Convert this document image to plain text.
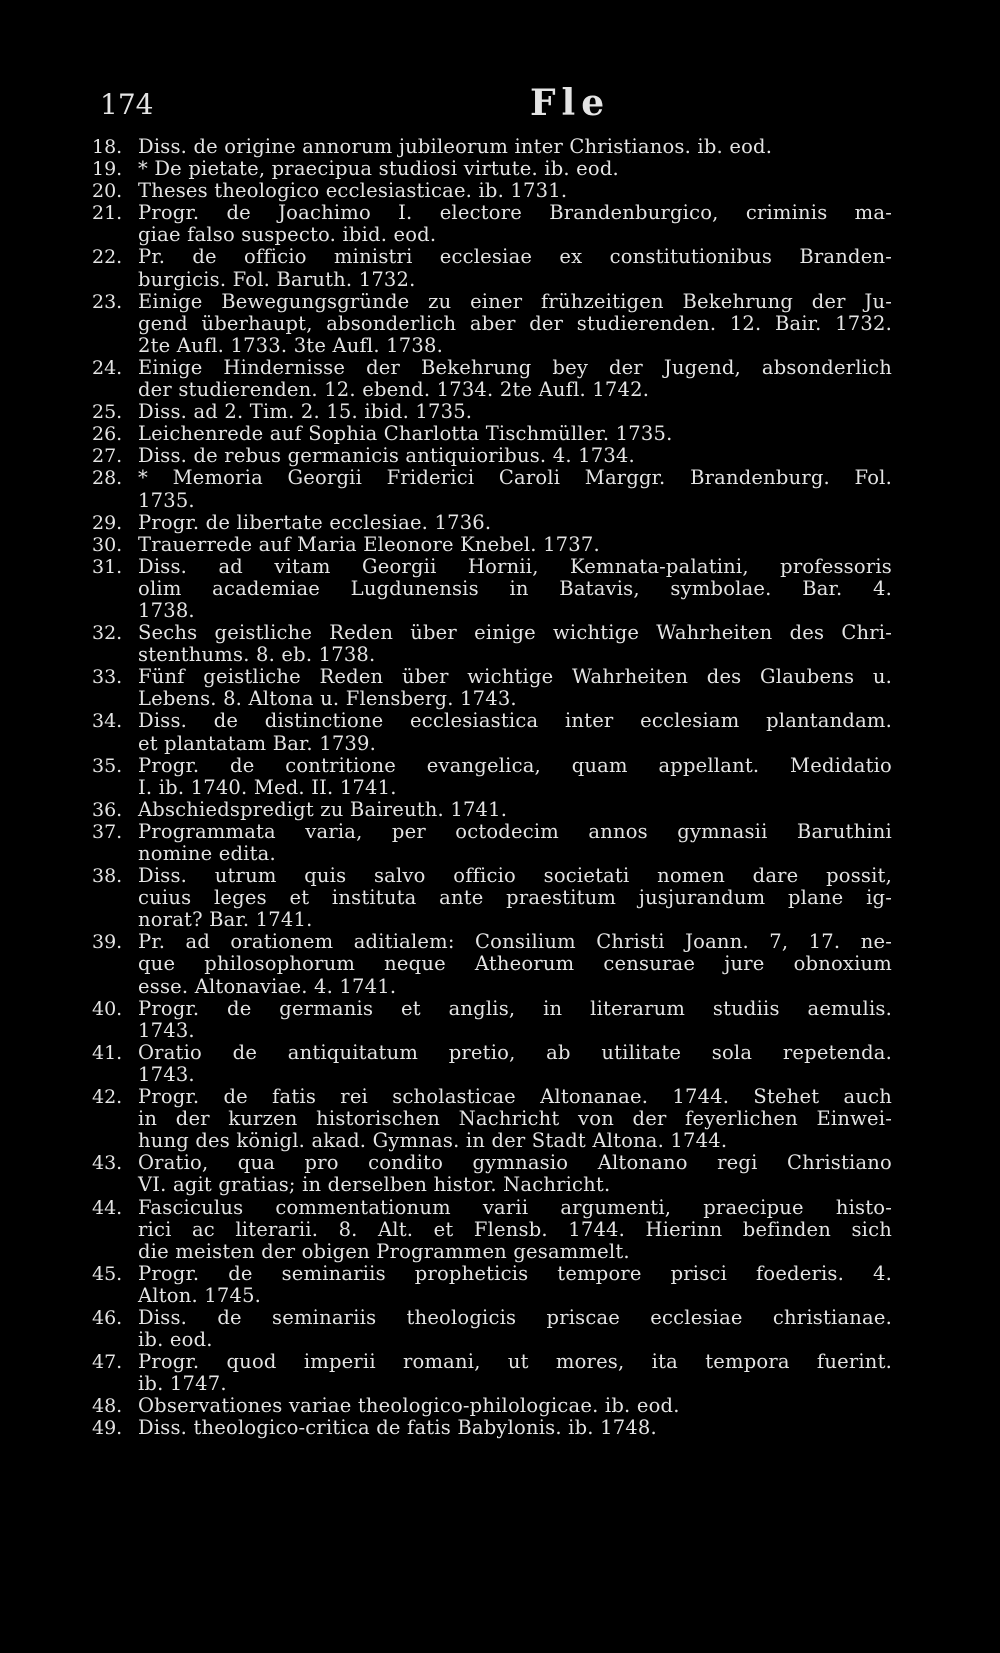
174	Fle
18. Diss. de origine annorum jubileorum inter Christianos. ib. eod.
19. * De pietate, praecipua studiosi virtute. ib. eod.
20. Theses theologico ecclesiasticae. ib. 1731.
21. Progr. de Joachimo I. electore Brandenburgico, criminis ma-
giae falso suspecto. ibid. eod.
22. Pr. de officio ministri ecclesiae ex constitutionibus Branden-
burgicis. Fol. Baruth. 1732.
23. Einige Bewegungsgründe zu einer frühzeitigen Bekehrung der Ju-
gend überhaupt, absonderlich aber der studierenden. 12. Bair. 1732.
2te Aufl. 1733. 3te Aufl. 1738.
24. Einige Hindernisse der Bekehrung bey der Jugend, absonderlich
der studierenden. 12. ebend. 1734. 2te Aufl. 1742.
25. Diss. ad 2. Tim. 2. 15. ibid. 1735.
26. Leichenrede auf Sophia Charlotta Tischmüller. 1735.
27. Diss. de rebus germanicis antiquioribus. 4. 1734.
28. * Memoria Georgii Friderici Caroli Marggr. Brandenburg. Fol.
1735.
29. Progr. de libertate ecclesiae. 1736.
30. Trauerrede auf Maria Eleonore Knebel. 1737.
31. Diss. ad vitam Georgii Hornii, Kemnata-palatini, professoris
olim academiae Lugdunensis in Batavis, symbolae. Bar. 4.
1738.
32. Sechs geistliche Reden über einige wichtige Wahrheiten des Chri-
stenthums. 8. eb. 1738.
33. Fünf geistliche Reden über wichtige Wahrheiten des Glaubens u.
Lebens. 8. Altona u. Flensberg. 1743.
34. Diss. de distinctione ecclesiastica inter ecclesiam plantandam.
et plantatam Bar. 1739.
35. Progr. de contritione evangelica, quam appellant. Medidatio
I. ib. 1740. Med. II. 1741.
36. Abschiedspredigt zu Baireuth. 1741.
37. Programmata varia, per octodecim annos gymnasii Baruthini
nomine edita.
38. Diss. utrum quis salvo officio societati nomen dare possit,
cuius leges et instituta ante praestitum jusjurandum plane ig-
norat? Bar. 1741.
39. Pr. ad orationem aditialem: Consilium Christi Joann. 7, 17. ne-
que philosophorum neque Atheorum censurae jure obnoxium
esse. Altonaviae. 4. 1741.
40. Progr. de germanis et anglis, in literarum studiis aemulis.
1743.
41. Oratio de antiquitatum pretio, ab utilitate sola repetenda.
1743.
42. Progr. de fatis rei scholasticae Altonanae. 1744. Stehet auch
in der kurzen historischen Nachricht von der feyerlichen Einwei-
hung des königl. akad. Gymnas. in der Stadt Altona. 1744.
43. Oratio, qua pro condito gymnasio Altonano regi Christiano
VI. agit gratias; in derselben histor. Nachricht.
44. Fasciculus commentationum varii argumenti, praecipue histo-
rici ac literarii. 8. Alt. et Flensb. 1744. Hierinn befinden sich
die meisten der obigen Programmen gesammelt.
45. Progr. de seminariis propheticis tempore prisci foederis. 4.
Alton. 1745.
46. Diss. de seminariis theologicis priscae ecclesiae christianae.
ib. eod.
47. Progr. quod imperii romani, ut mores, ita tempora fuerint.
ib. 1747.
48. Observationes variae theologico-philologicae. ib. eod.
49. Diss. theologico-critica de fatis Babylonis. ib. 1748.
